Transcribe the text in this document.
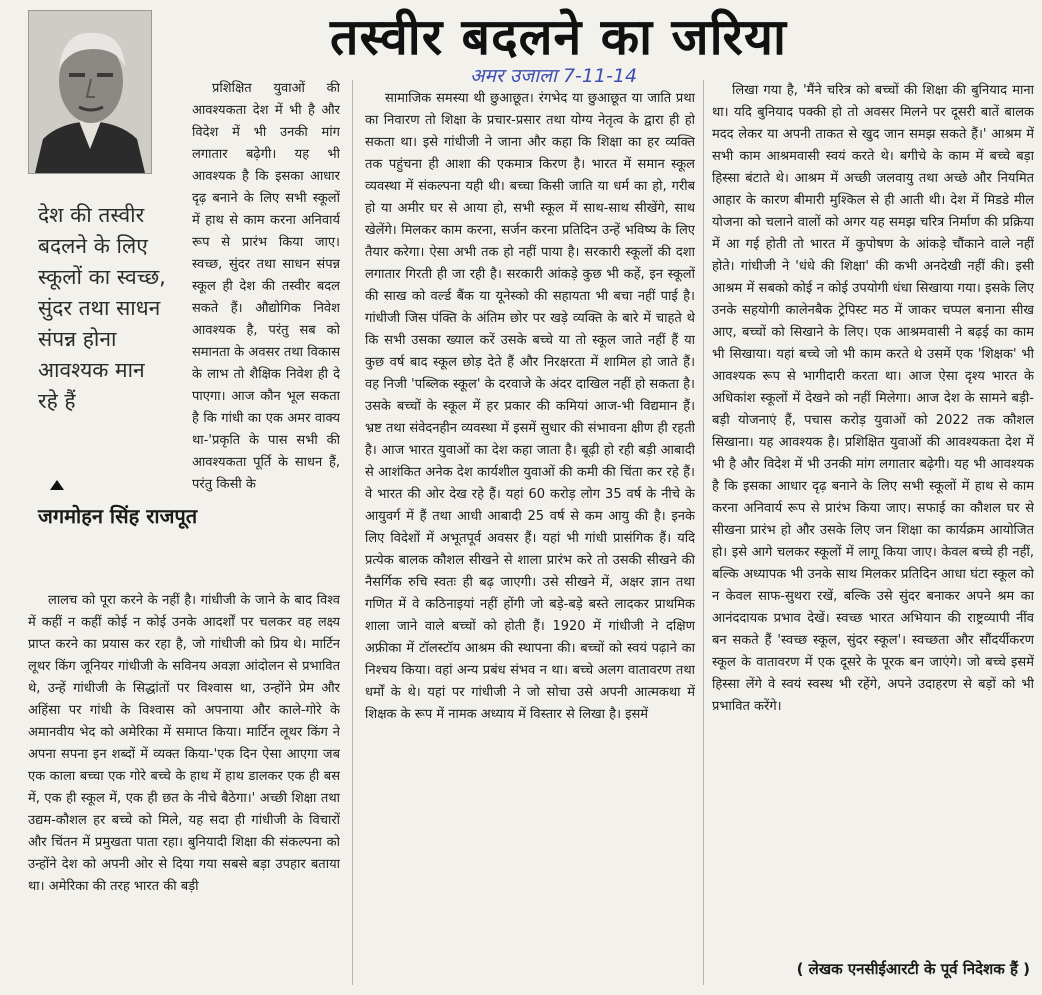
तस्वीर बदलने का जरिया
अमर उजाला 7-11-14
देश की तस्वीर बदलने के लिए स्कूलों का स्वच्छ, सुंदर तथा साधन संपन्न होना आवश्यक मान रहे हैं
जगमोहन सिंह राजपूत
प्रशिक्षित युवाओं की आवश्यकता देश में भी है और विदेश में भी उनकी मांग लगातार बढ़ेगी। यह भी आवश्यक है कि इसका आधार दृढ़ बनाने के लिए सभी स्कूलों में हाथ से काम करना अनिवार्य रूप से प्रारंभ किया जाए। स्वच्छ, सुंदर तथा साधन संपन्न स्कूल ही देश की तस्वीर बदल सकते हैं। औद्योगिक निवेश आवश्यक है, परंतु सब को समानता के अवसर तथा विकास के लाभ तो शैक्षिक निवेश ही दे पाएगा। आज कौन भूल सकता है कि गांधी का एक अमर वाक्य था-'प्रकृति के पास सभी की आवश्यकता पूर्ति के साधन हैं, परंतु किसी के
लालच को पूरा करने के नहीं है। गांधीजी के जाने के बाद विश्व में कहीं न कहीं कोई न कोई उनके आदर्शों पर चलकर वह लक्ष्य प्राप्त करने का प्रयास कर रहा है, जो गांधीजी को प्रिय थे। मार्टिन लूथर किंग जूनियर गांधीजी के सविनय अवज्ञा आंदोलन से प्रभावित थे, उन्हें गांधीजी के सिद्धांतों पर विश्वास था, उन्होंने प्रेम और अहिंसा पर गांधी के विश्वास को अपनाया और काले-गोरे के अमानवीय भेद को अमेरिका में समाप्त किया। मार्टिन लूथर किंग ने अपना सपना इन शब्दों में व्यक्त किया-'एक दिन ऐसा आएगा जब एक काला बच्चा एक गोरे बच्चे के हाथ में हाथ डालकर एक ही बस में, एक ही स्कूल में, एक ही छत के नीचे बैठेगा।' अच्छी शिक्षा तथा उद्यम-कौशल हर बच्चे को मिले, यह सदा ही गांधीजी के विचारों और चिंतन में प्रमुखता पाता रहा। बुनियादी शिक्षा की संकल्पना को उन्होंने देश को अपनी ओर से दिया गया सबसे बड़ा उपहार बताया था। अमेरिका की तरह भारत की बड़ी
सामाजिक समस्या थी छुआछूत। रंगभेद या छुआछूत या जाति प्रथा का निवारण तो शिक्षा के प्रचार-प्रसार तथा योग्य नेतृत्व के द्वारा ही हो सकता था। इसे गांधीजी ने जाना और कहा कि शिक्षा का हर व्यक्ति तक पहुंचना ही आशा की एकमात्र किरण है। भारत में समान स्कूल व्यवस्था में संकल्पना यही थी। बच्चा किसी जाति या धर्म का हो, गरीब हो या अमीर घर से आया हो, सभी स्कूल में साथ-साथ सीखेंगे, साथ खेलेंगे। मिलकर काम करना, सर्जन करना प्रतिदिन उन्हें भविष्य के लिए तैयार करेगा। ऐसा अभी तक हो नहीं पाया है। सरकारी स्कूलों की दशा लगातार गिरती ही जा रही है। सरकारी आंकड़े कुछ भी कहें, इन स्कूलों की साख को वर्ल्ड बैंक या यूनेस्को की सहायता भी बचा नहीं पाई है। गांधीजी जिस पंक्ति के अंतिम छोर पर खड़े व्यक्ति के बारे में चाहते थे कि सभी उसका ख्याल करें उसके बच्चे या तो स्कूल जाते नहीं हैं या कुछ वर्ष बाद स्कूल छोड़ देते हैं और निरक्षरता में शामिल हो जाते हैं। वह निजी 'पब्लिक स्कूल' के दरवाजे के अंदर दाखिल नहीं हो सकता है। उसके बच्चों के स्कूल में हर प्रकार की कमियां आज-भी विद्यमान हैं। भ्रष्ट तथा संवेदनहीन व्यवस्था में इसमें सुधार की संभावना क्षीण ही रहती है। आज भारत युवाओं का देश कहा जाता है। बूढ़ी हो रही बड़ी आबादी से आशंकित अनेक देश कार्यशील युवाओं की कमी की चिंता कर रहे हैं। वे भारत की ओर देख रहे हैं। यहां 60 करोड़ लोग 35 वर्ष के नीचे के आयुवर्ग में हैं तथा आधी आबादी 25 वर्ष से कम आयु की है। इनके लिए विदेशों में अभूतपूर्व अवसर हैं। यहां भी गांधी प्रासंगिक हैं। यदि प्रत्येक बालक कौशल सीखने से शाला प्रारंभ करे तो उसकी सीखने की नैसर्गिक रुचि स्वतः ही बढ़ जाएगी। उसे सीखने में, अक्षर ज्ञान तथा गणित में वे कठिनाइयां नहीं होंगी जो बड़े-बड़े बस्ते लादकर प्राथमिक शाला जाने वाले बच्चों को होती हैं। 1920 में गांधीजी ने दक्षिण अफ्रीका में टॉलस्टॉय आश्रम की स्थापना की। बच्चों को स्वयं पढ़ाने का निश्चय किया। वहां अन्य प्रबंध संभव न था। बच्चे अलग वातावरण तथा धर्मों के थे। यहां पर गांधीजी ने जो सोचा उसे अपनी आत्मकथा में शिक्षक के रूप में नामक अध्याय में विस्तार से लिखा है। इसमें
लिखा गया है, 'मैंने चरित्र को बच्चों की शिक्षा की बुनियाद माना था। यदि बुनियाद पक्की हो तो अवसर मिलने पर दूसरी बातें बालक मदद लेकर या अपनी ताकत से खुद जान समझ सकते हैं।' आश्रम में सभी काम आश्रमवासी स्वयं करते थे। बगीचे के काम में बच्चे बड़ा हिस्सा बंटाते थे। आश्रम में अच्छी जलवायु तथा अच्छे और नियमित आहार के कारण बीमारी मुश्किल से ही आती थी। देश में मिडडे मील योजना को चलाने वालों को अगर यह समझ चरित्र निर्माण की प्रक्रिया में आ गई होती तो भारत में कुपोषण के आंकड़े चौंकाने वाले नहीं होते। गांधीजी ने 'धंधे की शिक्षा' की कभी अनदेखी नहीं की। इसी आश्रम में सबको कोई न कोई उपयोगी धंधा सिखाया गया। इसके लिए उनके सहयोगी कालेनबैक ट्रेपिस्ट मठ में जाकर चप्पल बनाना सीख आए, बच्चों को सिखाने के लिए। एक आश्रमवासी ने बढ़ई का काम भी सिखाया। यहां बच्चे जो भी काम करते थे उसमें एक 'शिक्षक' भी आवश्यक रूप से भागीदारी करता था। आज ऐसा दृश्य भारत के अधिकांश स्कूलों में देखने को नहीं मिलेगा। आज देश के सामने बड़ी-बड़ी योजनाएं हैं, पचास करोड़ युवाओं को 2022 तक कौशल सिखाना। यह आवश्यक है। प्रशिक्षित युवाओं की आवश्यकता देश में भी है और विदेश में भी उनकी मांग लगातार बढ़ेगी। यह भी आवश्यक है कि इसका आधार दृढ़ बनाने के लिए सभी स्कूलों में हाथ से काम करना अनिवार्य रूप से प्रारंभ किया जाए। सफाई का कौशल घर से सीखना प्रारंभ हो और उसके लिए जन शिक्षा का कार्यक्रम आयोजित हो। इसे आगे चलकर स्कूलों में लागू किया जाए। केवल बच्चे ही नहीं, बल्कि अध्यापक भी उनके साथ मिलकर प्रतिदिन आधा घंटा स्कूल को न केवल साफ-सुथरा रखें, बल्कि उसे सुंदर बनाकर अपने श्रम का आनंददायक प्रभाव देखें। स्वच्छ भारत अभियान की राष्ट्रव्यापी नींव बन सकते हैं 'स्वच्छ स्कूल, सुंदर स्कूल'। स्वच्छता और सौंदर्यीकरण स्कूल के वातावरण में एक दूसरे के पूरक बन जाएंगे। जो बच्चे इसमें हिस्सा लेंगे वे स्वयं स्वस्थ भी रहेंगे, अपने उदाहरण से बड़ों को भी प्रभावित करेंगे।
( लेखक एनसीईआरटी के पूर्व निदेशक हैं )
